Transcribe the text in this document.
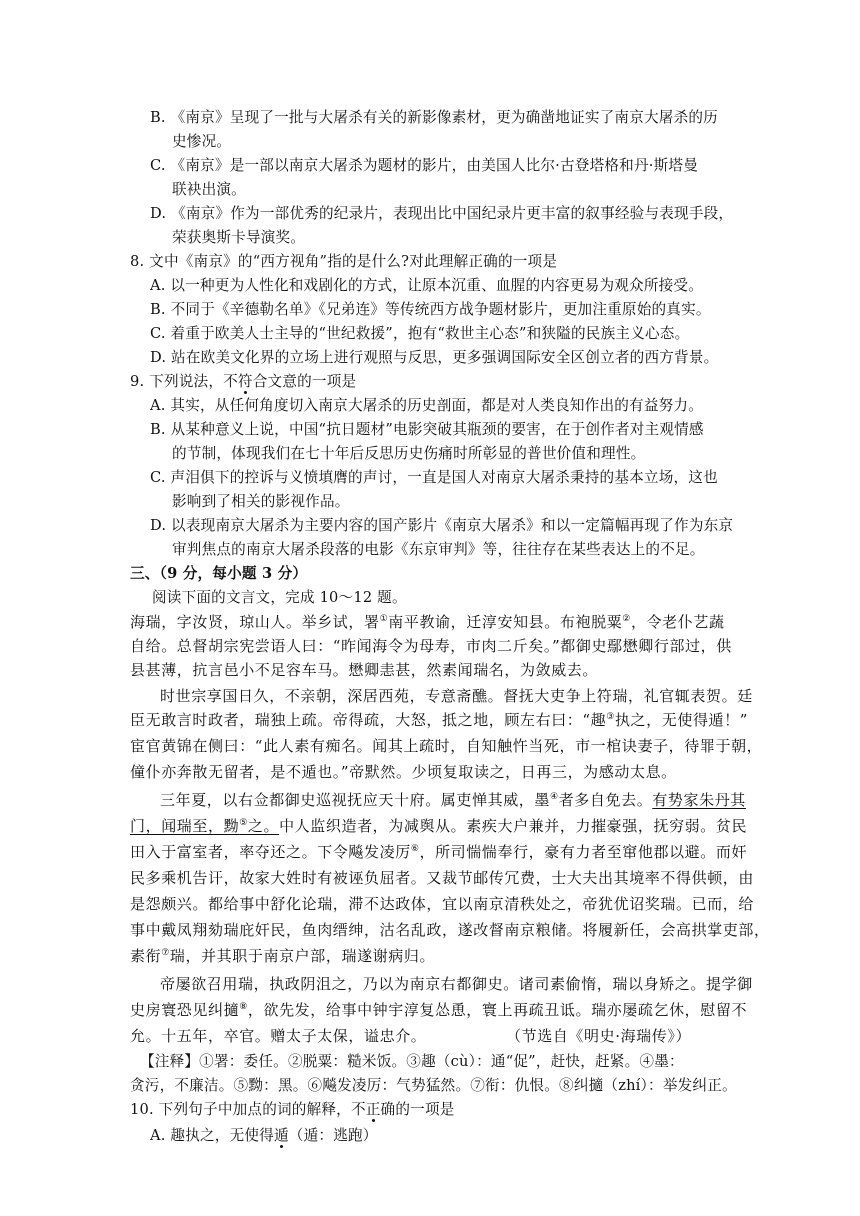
B. 《南京》呈现了一批与大屠杀有关的新影像素材，更为确凿地证实了南京大屠杀的历
史惨况。
C. 《南京》是一部以南京大屠杀为题材的影片，由美国人比尔·古登塔格和丹·斯塔曼
联袂出演。
D. 《南京》作为一部优秀的纪录片，表现出比中国纪录片更丰富的叙事经验与表现手段，
荣获奥斯卡导演奖。
8. 文中《南京》的“西方视角”指的是什么?对此理解正确的一项是
A. 以一种更为人性化和戏剧化的方式，让原本沉重、血腥的内容更易为观众所接受。
B. 不同于《辛德勒名单》《兄弟连》等传统西方战争题材影片，更加注重原始的真实。
C. 着重于欧美人士主导的“世纪救援”，抱有“救世主心态”和狭隘的民族主义心态。
D. 站在欧美文化界的立场上进行观照与反思，更多强调国际安全区创立者的西方背景。
9. 下列说法，不符合文意的一项是
A. 其实，从任何角度切入南京大屠杀的历史剖面，都是对人类良知作出的有益努力。
B. 从某种意义上说，中国“抗日题材”电影突破其瓶颈的要害，在于创作者对主观情感
的节制，体现我们在七十年后反思历史伤痛时所彰显的普世价值和理性。
C. 声泪俱下的控诉与义愤填膺的声讨，一直是国人对南京大屠杀秉持的基本立场，这也
影响到了相关的影视作品。
D. 以表现南京大屠杀为主要内容的国产影片《南京大屠杀》和以一定篇幅再现了作为东京
审判焦点的南京大屠杀段落的电影《东京审判》等，往往存在某些表达上的不足。
三、（9 分，每小题 3 分）
阅读下面的文言文，完成 10～12 题。
海瑞，字汝贤，琼山人。举乡试，署①南平教谕，迁淳安知县。布袍脱粟②，令老仆艺蔬
自给。总督胡宗宪尝语人曰：“昨闻海令为母寿，市肉二斤矣。”都御史鄢懋卿行部过，供
县甚薄，抗言邑小不足容车马。懋卿恚甚，然素闻瑞名，为敛威去。
时世宗享国日久，不亲朝，深居西苑，专意斋醮。督抚大吏争上符瑞，礼官辄表贺。廷
臣无敢言时政者，瑞独上疏。帝得疏，大怒，抵之地，顾左右曰：“趣③执之，无使得遁！”
宦官黄锦在侧曰：“此人素有痴名。闻其上疏时，自知触忤当死，市一棺诀妻子，待罪于朝，
僮仆亦奔散无留者，是不遁也。”帝默然。少顷复取读之，日再三，为感动太息。
三年夏，以右佥都御史巡视抚应天十府。属吏惮其威，墨④者多自免去。有势家朱丹其
门，闻瑞至，黝⑤之。中人监织造者，为减舆从。素疾大户兼并，力摧豪强，抚穷弱。贫民
田入于富室者，率夺还之。下令飚发凌厉⑥，所司惴惴奉行，豪有力者至窜他郡以避。而奸
民多乘机告讦，故家大姓时有被诬负屈者。又裁节邮传冗费，士大夫出其境率不得供顿，由
是怨颇兴。都给事中舒化论瑞，滞不达政体，宜以南京清秩处之，帝犹优诏奖瑞。已而，给
事中戴凤翔劾瑞庇奸民，鱼肉缙绅，沽名乱政，遂改督南京粮储。将履新任，会高拱掌吏部，
素衔⑦瑞，并其职于南京户部，瑞遂谢病归。
帝屡欲召用瑞，执政阴沮之，乃以为南京右都御史。诸司素偷惰，瑞以身矫之。提学御
史房寰恐见纠擿⑧，欲先发，给事中钟宇淳复怂恿，寰上再疏丑诋。瑞亦屡疏乞休，慰留不
允。十五年，卒官。赠太子太保，谥忠介。	（节选自《明史·海瑞传》）
【注释】①署：委任。②脱粟：糙米饭。③趣（cù）：通“促”，赶快，赶紧。④墨：
贪污，不廉洁。⑤黝：黑。⑥飚发凌厉：气势猛然。⑦衔：仇恨。⑧纠擿（zhí）：举发纠正。
10. 下列句子中加点的词的解释，不正确的一项是
A. 趣执之，无使得遁（遁：逃跑）
